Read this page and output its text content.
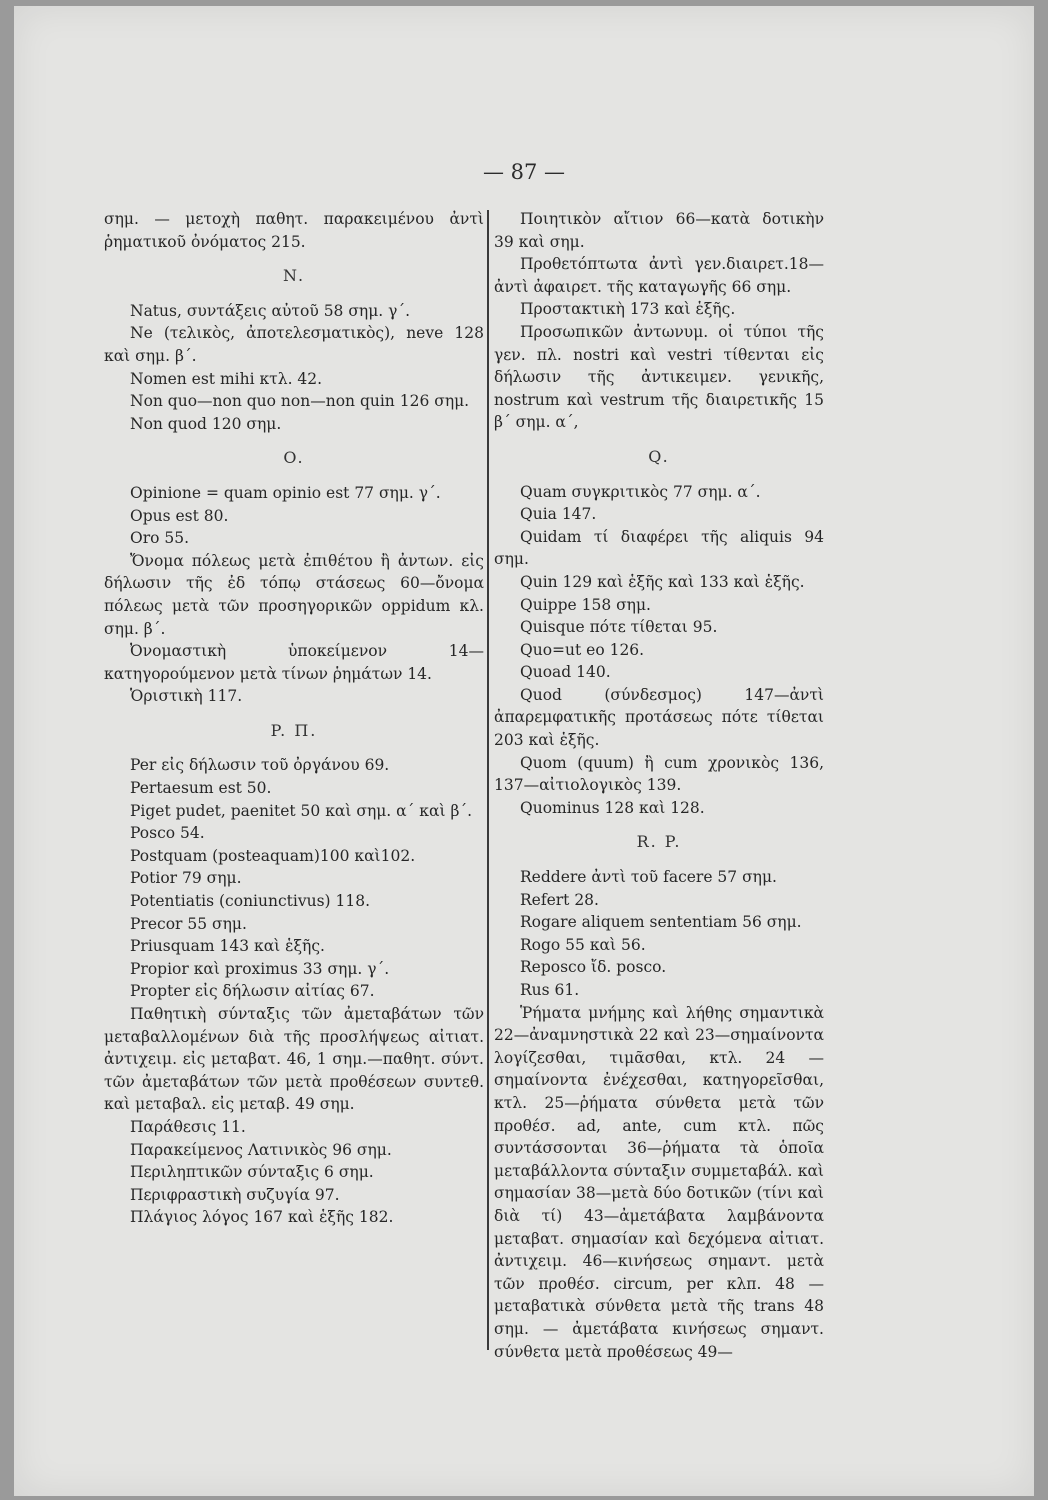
— 87 —

σημ. — μετοχὴ παθητ. παρακειμένου ἀντὶ ῥηματικοῦ ὀνόματος 215.

N.

Natus, συντάξεις αὐτοῦ 58 σημ. γ΄.

Ne (τελικὸς, ἀποτελεσματικὸς), neve 128 καὶ σημ. β΄.

Nomen est mihi κτλ. 42.

Non quo—non quo non—non quin 126 σημ.

Non quod 120 σημ.

O.

Opinione = quam opinio est 77 σημ. γ΄.

Opus est 80.

Oro 55.

Ὄνομα πόλεως μετὰ ἐπιθέτου ἢ ἀντων. εἰς δήλωσιν τῆς ἐδ τόπῳ στάσεως 60—ὄνομα πόλεως μετὰ τῶν προσηγορικῶν oppidum κλ. σημ. β΄.

Ὀνομαστικὴ ὑποκείμενον 14—κατηγορούμενον μετὰ τίνων ῥημάτων 14.

Ὁριστικὴ 117.

P. Π.

Per εἰς δήλωσιν τοῦ ὀργάνου 69.

Pertaesum est 50.

Piget pudet, paenitet 50 καὶ σημ. α΄ καὶ β΄.

Posco 54.

Postquam (posteaquam)100 καὶ102.

Potior 79 σημ.

Potentiatis (coniunctivus) 118.

Precor 55 σημ.

Priusquam 143 καὶ ἑξῆς.

Propior καὶ proximus 33 σημ. γ΄.

Propter εἰς δήλωσιν αἰτίας 67.

Παθητικὴ σύνταξις τῶν ἀμεταβάτων τῶν μεταβαλλομένων διὰ τῆς προσλήψεως αἰτιατ. ἀντιχειμ. εἰς μεταβατ. 46, 1 σημ.—παθητ. σύντ. τῶν ἀμεταβάτων τῶν μετὰ προθέσεων συντεθ. καὶ μεταβαλ. εἰς μεταβ. 49 σημ.

Παράθεσις 11.

Παρακείμενος Λατινικὸς 96 σημ.

Περιληπτικῶν σύνταξις 6 σημ.

Περιφραστικὴ συζυγία 97.

Πλάγιος λόγος 167 καὶ ἑξῆς 182.

Ποιητικὸν αἴτιον 66—κατὰ δοτικὴν 39 καὶ σημ.

Προθετόπτωτα ἀντὶ γεν.διαιρετ.18—ἀντὶ ἀφαιρετ. τῆς καταγωγῆς 66 σημ.

Προστακτικὴ 173 καὶ ἑξῆς.

Προσωπικῶν ἀντωνυμ. οἱ τύποι τῆς γεν. πλ. nostri καὶ vestri τίθενται εἰς δήλωσιν τῆς ἀντικειμεν. γενικῆς, nostrum καὶ vestrum τῆς διαιρετικῆς 15 β΄ σημ. α΄,

Q.

Quam συγκριτικὸς 77 σημ. α΄.

Quia 147.

Quidam τί διαφέρει τῆς aliquis 94 σημ.

Quin 129 καὶ ἑξῆς καὶ 133 καὶ ἑξῆς.

Quippe 158 σημ.

Quisque πότε τίθεται 95.

Quo=ut eo 126.

Quoad 140.

Quod (σύνδεσμος) 147—ἀντὶ ἀπαρεμφατικῆς προτάσεως πότε τίθεται 203 καὶ ἑξῆς.

Quom (quum) ἢ cum χρονικὸς 136, 137—αἰτιολογικὸς 139.

Quominus 128 καὶ 128.

R. P.

Reddere ἀντὶ τοῦ facere 57 σημ.

Refert 28.

Rogare aliquem sententiam 56 σημ.

Rogo 55 καὶ 56.

Reposco ἴδ. posco.

Rus 61.

Ῥήματα μνήμης καὶ λήθης σημαντικὰ 22—ἀναμνηστικὰ 22 καὶ 23—σημαίνοντα λογίζεσθαι, τιμᾶσθαι, κτλ. 24 — σημαίνοντα ἐνέχεσθαι, κατηγορεῖσθαι, κτλ. 25—ῥήματα σύνθετα μετὰ τῶν προθέσ. ad, ante, cum κτλ. πῶς συντάσσονται 36—ῥήματα τὰ ὁποῖα μεταβάλλοντα σύνταξιν συμμεταβάλ. καὶ σημασίαν 38—μετὰ δύο δοτικῶν (τίνι καὶ διὰ τί) 43—ἀμετάβατα λαμβάνοντα μεταβατ. σημασίαν καὶ δεχόμενα αἰτιατ. ἀντιχειμ. 46—κινήσεως σημαντ. μετὰ τῶν προθέσ. circum, per κλπ. 48 — μεταβατικὰ σύνθετα μετὰ τῆς trans 48 σημ. — ἀμετάβατα κινήσεως σημαντ. σύνθετα μετὰ προθέσεως 49—
